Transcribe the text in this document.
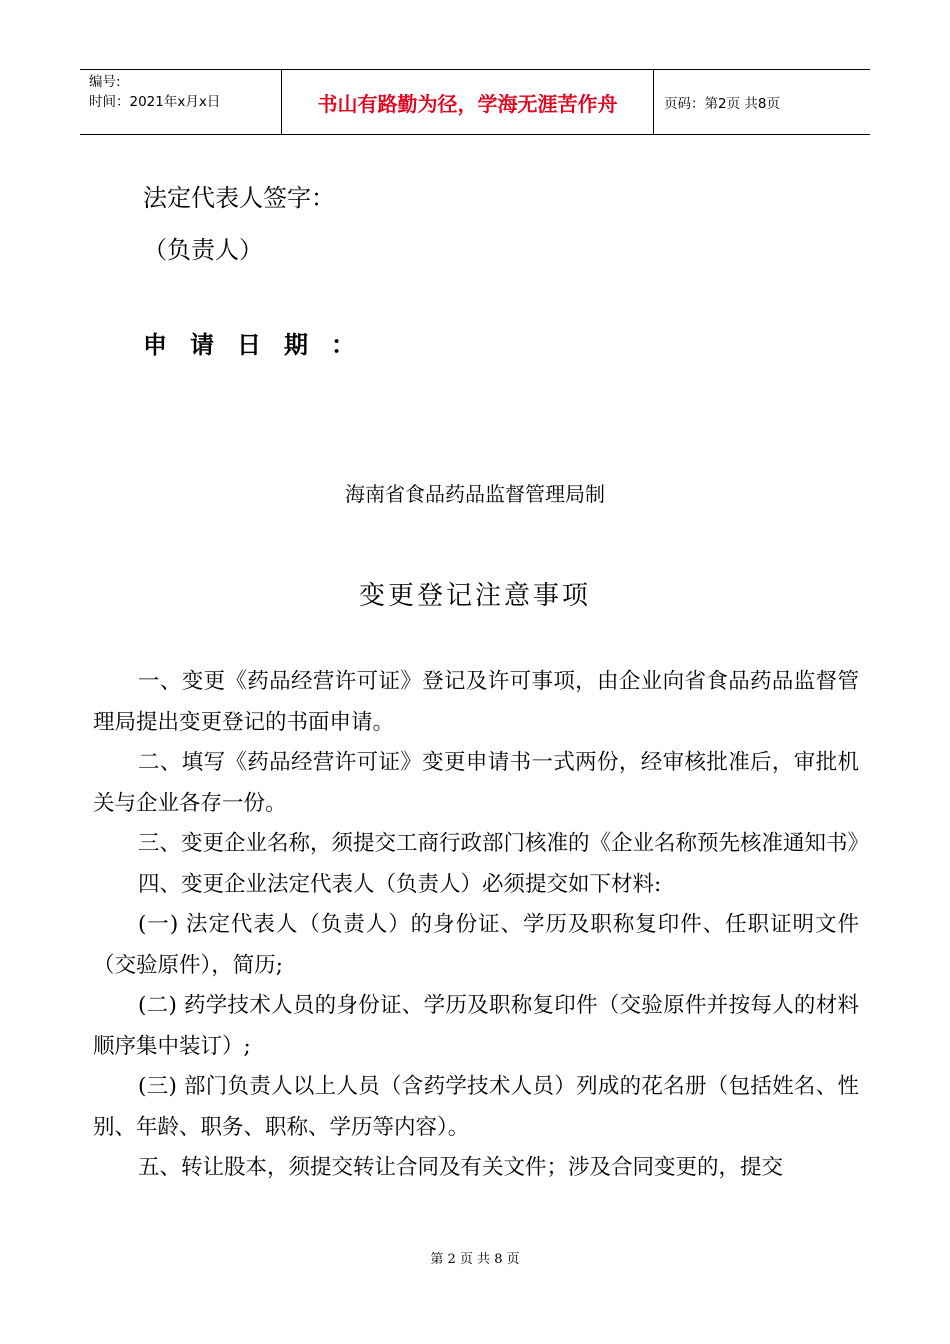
编号:
时间：2021年x月x日	书山有路勤为径，学海无涯苦作舟	页码：第2页 共8页
法定代表人签字：
（负责人）
申请日期：
海南省食品药品监督管理局制
变更登记注意事项
一、变更《药品经营许可证》登记及许可事项，由企业向省食品药品监督管理局提出变更登记的书面申请。
二、填写《药品经营许可证》变更申请书一式两份，经审核批准后，审批机关与企业各存一份。
三、变更企业名称，须提交工商行政部门核准的《企业名称预先核准通知书》
四、变更企业法定代表人（负责人）必须提交如下材料:
(一) 法定代表人（负责人）的身份证、学历及职称复印件、任职证明文件（交验原件），简历;
(二) 药学技术人员的身份证、学历及职称复印件（交验原件并按每人的材料顺序集中装订）;
(三) 部门负责人以上人员（含药学技术人员）列成的花名册（包括姓名、性别、年龄、职务、职称、学历等内容）。
五、转让股本，须提交转让合同及有关文件；涉及合同变更的，提交
第 2 页 共 8 页
